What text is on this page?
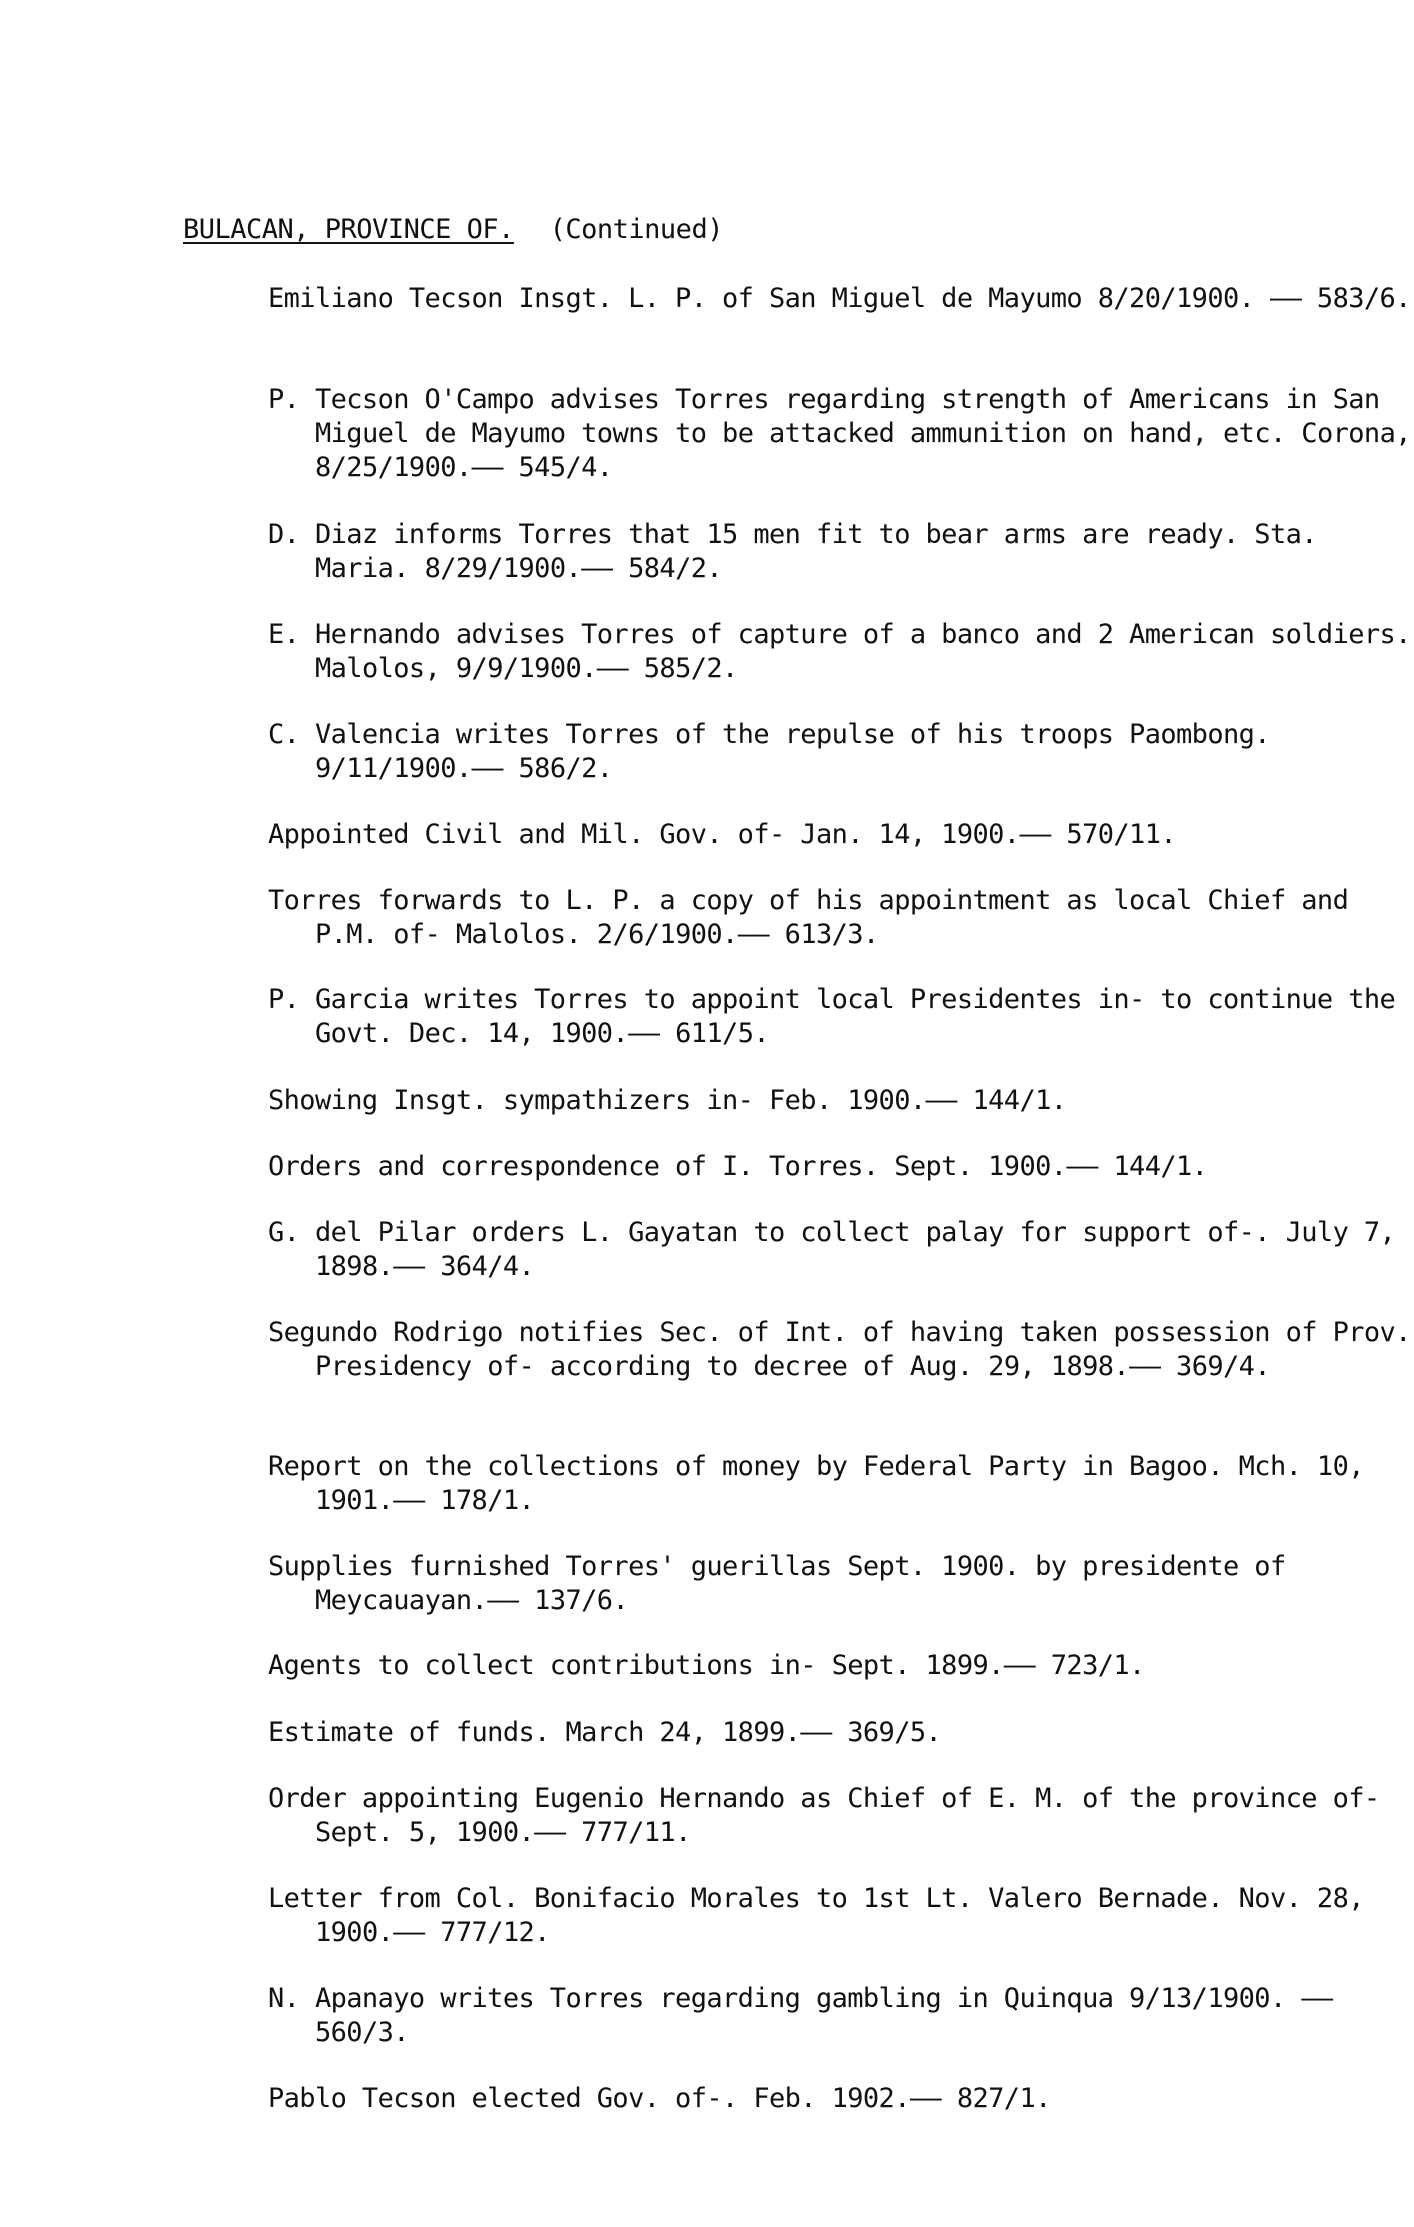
BULACAN, PROVINCE OF. (Continued)
Emiliano Tecson Insgt. L. P. of San Miguel de Mayumo 8/20/1900. —— 583/6.
P. Tecson O'Campo advises Torres regarding strength of Americans in San Miguel de Mayumo towns to be attacked ammunition on hand, etc. Corona, 8/25/1900.—— 545/4.
D. Diaz informs Torres that 15 men fit to bear arms are ready. Sta. Maria. 8/29/1900.—— 584/2.
E. Hernando advises Torres of capture of a banco and 2 American soldiers. Malolos, 9/9/1900.—— 585/2.
C. Valencia writes Torres of the repulse of his troops Paombong. 9/11/1900.—— 586/2.
Appointed Civil and Mil. Gov. of- Jan. 14, 1900.—— 570/11.
Torres forwards to L. P. a copy of his appointment as local Chief and P.M. of- Malolos. 2/6/1900.—— 613/3.
P. Garcia writes Torres to appoint local Presidentes in- to continue the Govt. Dec. 14, 1900.—— 611/5.
Showing Insgt. sympathizers in- Feb. 1900.—— 144/1.
Orders and correspondence of I. Torres. Sept. 1900.—— 144/1.
G. del Pilar orders L. Gayatan to collect palay for support of-. July 7, 1898.—— 364/4.
Segundo Rodrigo notifies Sec. of Int. of having taken possession of Prov. Presidency of- according to decree of Aug. 29, 1898.—— 369/4.
Report on the collections of money by Federal Party in Bagoo. Mch. 10, 1901.—— 178/1.
Supplies furnished Torres' guerillas Sept. 1900. by presidente of Meycauayan.—— 137/6.
Agents to collect contributions in- Sept. 1899.—— 723/1.
Estimate of funds. March 24, 1899.—— 369/5.
Order appointing Eugenio Hernando as Chief of E. M. of the province of- Sept. 5, 1900.—— 777/11.
Letter from Col. Bonifacio Morales to 1st Lt. Valero Bernade. Nov. 28, 1900.—— 777/12.
N. Apanayo writes Torres regarding gambling in Quinqua 9/13/1900. —— 560/3.
Pablo Tecson elected Gov. of-. Feb. 1902.—— 827/1.
